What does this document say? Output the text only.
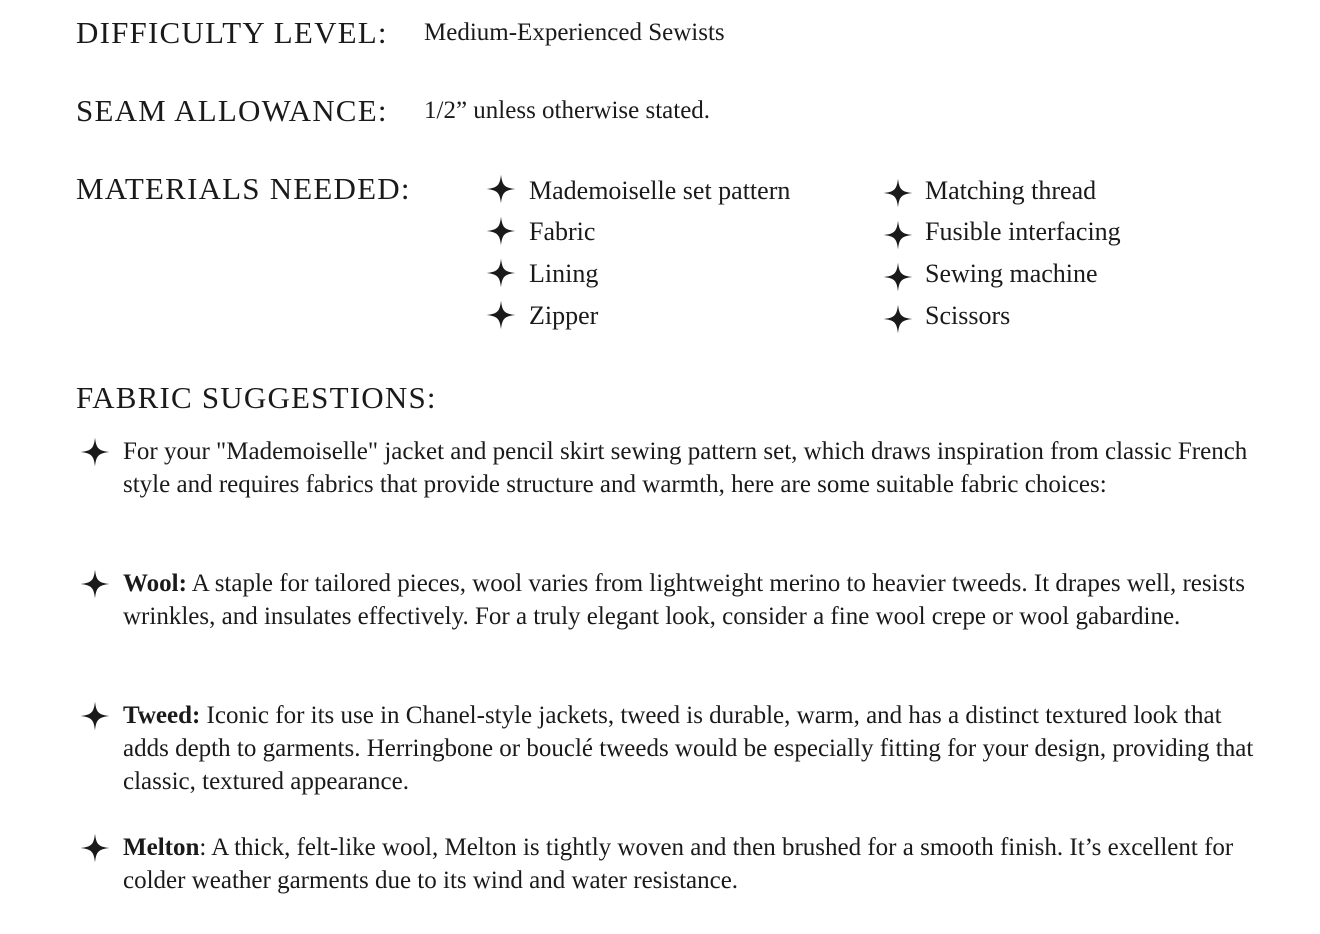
DIFFICULTY LEVEL: Medium-Experienced Sewists
SEAM ALLOWANCE: 1/2” unless otherwise stated.
MATERIALS NEEDED:	Mademoiselle set pattern
Fabric
Lining
Zipper
Matching thread
Fusible interfacing
Sewing machine
Scissors
FABRIC SUGGESTIONS:
For your "Mademoiselle" jacket and pencil skirt sewing pattern set, which draws inspiration from classic French style and requires fabrics that provide structure and warmth, here are some suitable fabric choices:
Wool: A staple for tailored pieces, wool varies from lightweight merino to heavier tweeds. It drapes well, resists wrinkles, and insulates effectively. For a truly elegant look, consider a fine wool crepe or wool gabardine.
Tweed: Iconic for its use in Chanel-style jackets, tweed is durable, warm, and has a distinct textured look that adds depth to garments. Herringbone or bouclé tweeds would be especially fitting for your design, providing that classic, textured appearance.
Melton: A thick, felt-like wool, Melton is tightly woven and then brushed for a smooth finish. It’s excellent for colder weather garments due to its wind and water resistance.
